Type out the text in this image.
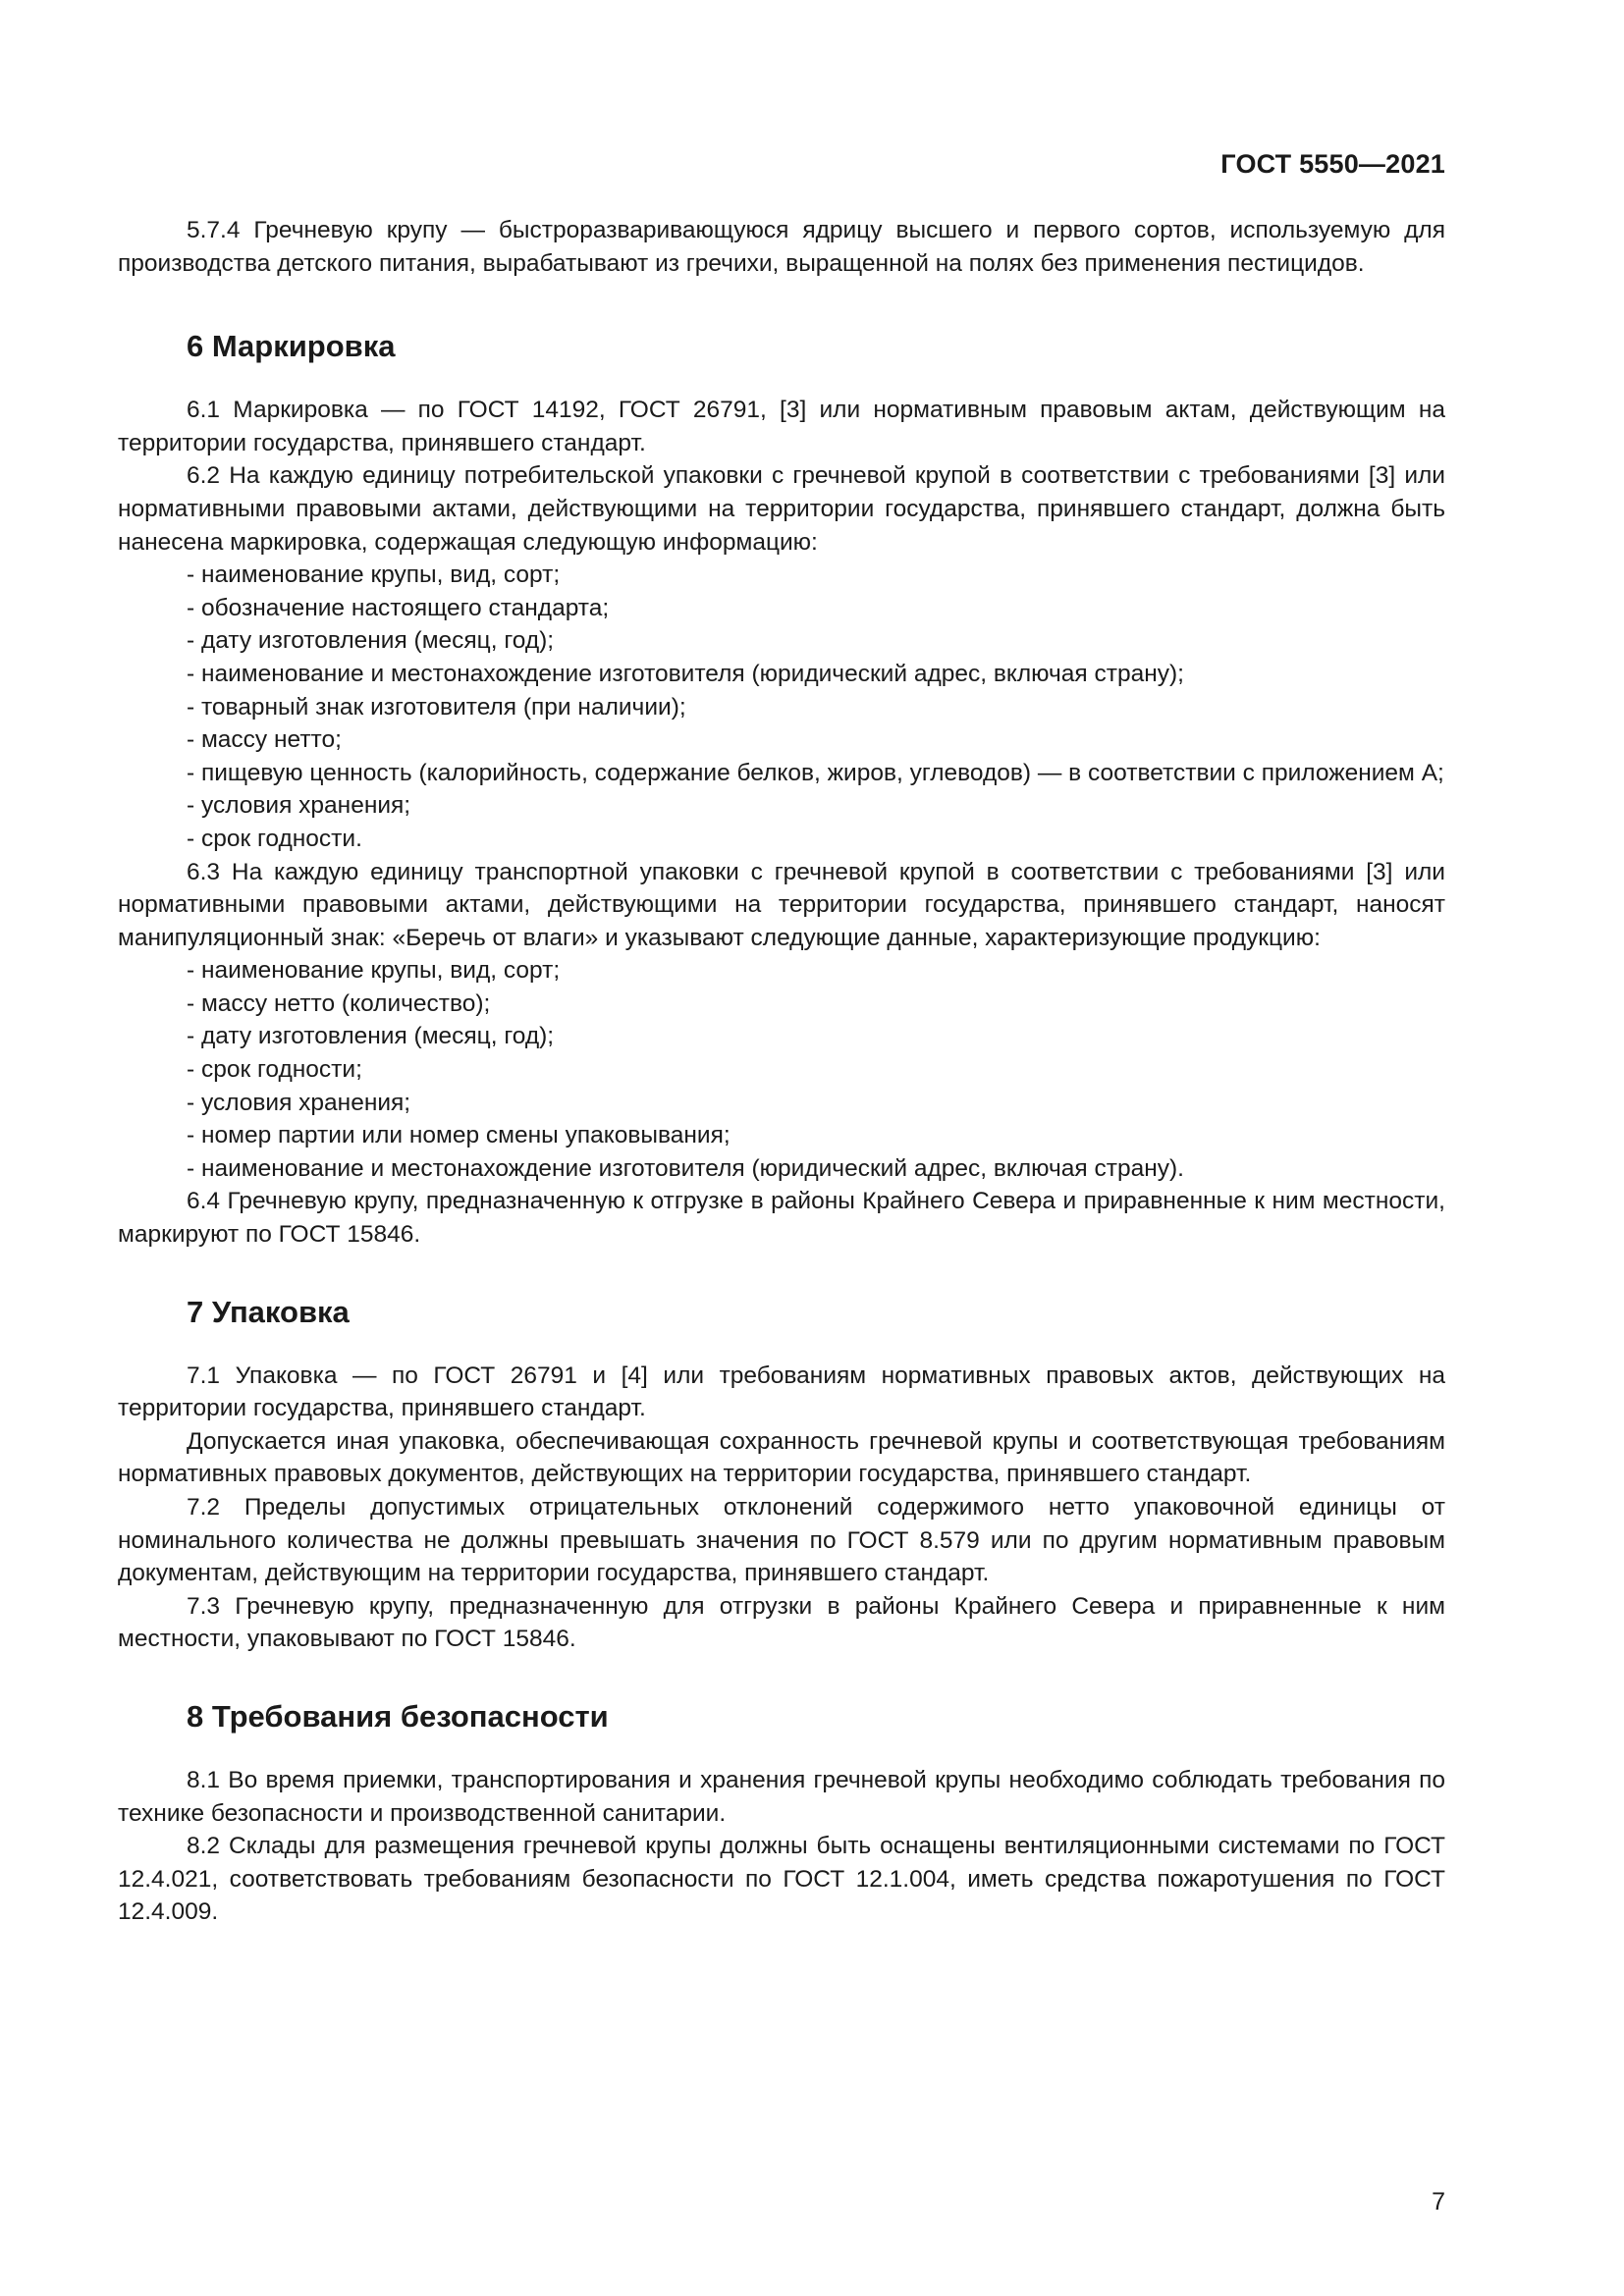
ГОСТ 5550—2021

5.7.4 Гречневую крупу — быстроразваривающуюся ядрицу высшего и первого сортов, используемую для производства детского питания, вырабатывают из гречихи, выращенной на полях без применения пестицидов.

6 Маркировка

6.1 Маркировка — по ГОСТ 14192, ГОСТ 26791, [3] или нормативным правовым актам, действующим на территории государства, принявшего стандарт.

6.2 На каждую единицу потребительской упаковки с гречневой крупой в соответствии с требованиями [3] или нормативными правовыми актами, действующими на территории государства, принявшего стандарт, должна быть нанесена маркировка, содержащая следующую информацию:

- наименование крупы, вид, сорт;

- обозначение настоящего стандарта;

- дату изготовления (месяц, год);

- наименование и местонахождение изготовителя (юридический адрес, включая страну);

- товарный знак изготовителя (при наличии);

- массу нетто;

- пищевую ценность (калорийность, содержание белков, жиров, углеводов) — в соответствии с приложением А;

- условия хранения;

- срок годности.

6.3 На каждую единицу транспортной упаковки с гречневой крупой в соответствии с требованиями [3] или нормативными правовыми актами, действующими на территории государства, принявшего стандарт, наносят манипуляционный знак: «Беречь от влаги» и указывают следующие данные, характеризующие продукцию:

- наименование крупы, вид, сорт;

- массу нетто (количество);

- дату изготовления (месяц, год);

- срок годности;

- условия хранения;

- номер партии или номер смены упаковывания;

- наименование и местонахождение изготовителя (юридический адрес, включая страну).

6.4 Гречневую крупу, предназначенную к отгрузке в районы Крайнего Севера и приравненные к ним местности, маркируют по ГОСТ 15846.

7 Упаковка

7.1 Упаковка — по ГОСТ 26791 и [4] или требованиям нормативных правовых актов, действующих на территории государства, принявшего стандарт.

Допускается иная упаковка, обеспечивающая сохранность гречневой крупы и соответствующая требованиям нормативных правовых документов, действующих на территории государства, принявшего стандарт.

7.2 Пределы допустимых отрицательных отклонений содержимого нетто упаковочной единицы от номинального количества не должны превышать значения по ГОСТ 8.579 или по другим нормативным правовым документам, действующим на территории государства, принявшего стандарт.

7.3 Гречневую крупу, предназначенную для отгрузки в районы Крайнего Севера и приравненные к ним местности, упаковывают по ГОСТ 15846.

8 Требования безопасности

8.1 Во время приемки, транспортирования и хранения гречневой крупы необходимо соблюдать требования по технике безопасности и производственной санитарии.

8.2 Склады для размещения гречневой крупы должны быть оснащены вентиляционными системами по ГОСТ 12.4.021, соответствовать требованиям безопасности по ГОСТ 12.1.004, иметь средства пожаротушения по ГОСТ 12.4.009.

7
